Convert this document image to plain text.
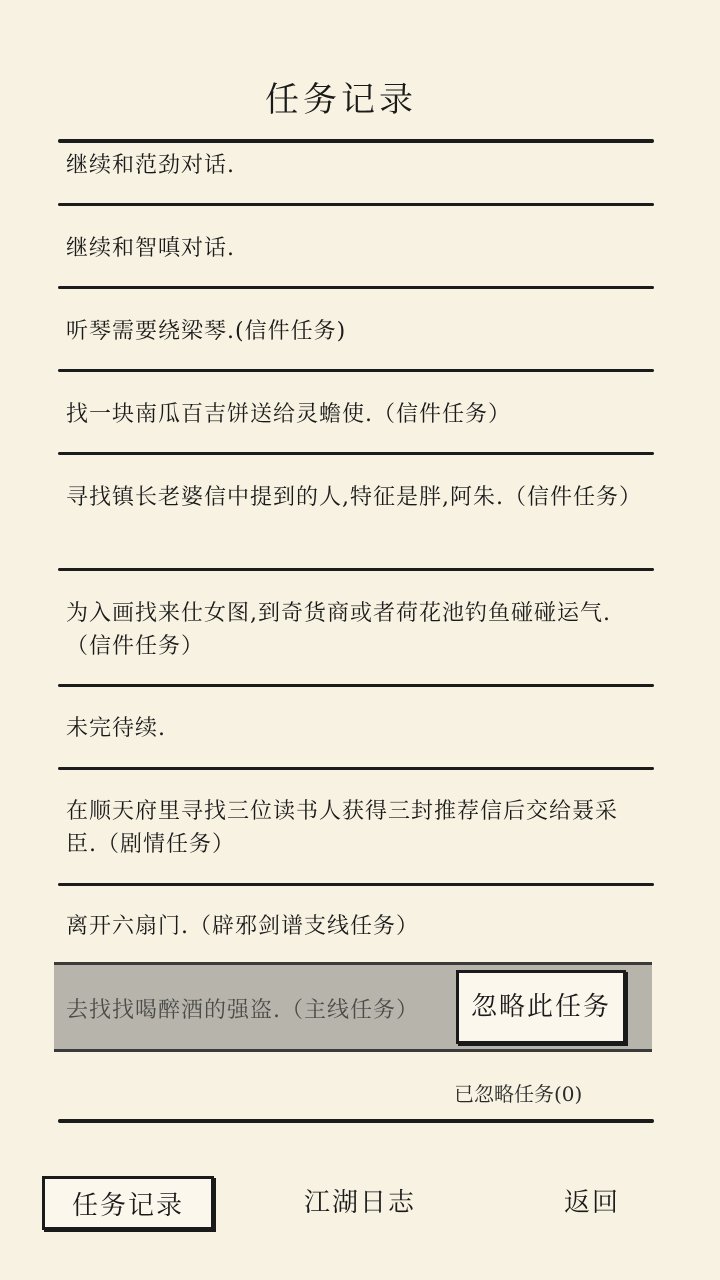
任务记录
继续和范劲对话.
继续和智嗔对话.
听琴需要绕梁琴.(信件任务)
找一块南瓜百吉饼送给灵蟾使.（信件任务）
寻找镇长老婆信中提到的人,特征是胖,阿朱.（信件任务）
为入画找来仕女图,到奇货商或者荷花池钓鱼碰碰运气.（信件任务）
未完待续.
在顺天府里寻找三位读书人获得三封推荐信后交给聂采臣.（剧情任务）
离开六扇门.（辟邪剑谱支线任务）
去找找喝醉酒的强盗.（主线任务）	忽略此任务
已忽略任务(0)
任务记录	江湖日志	返回
